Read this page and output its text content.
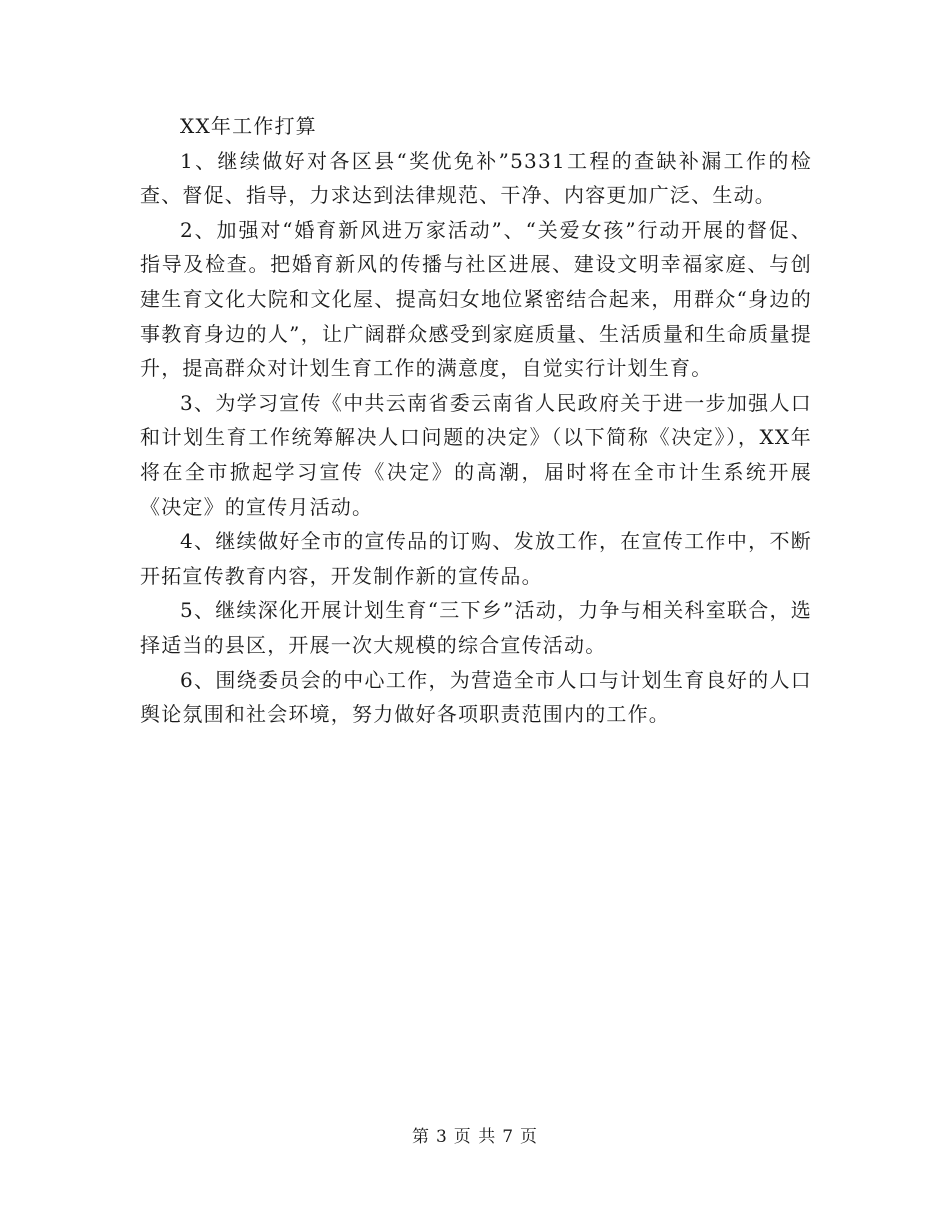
XX年工作打算

1、继续做好对各区县“奖优免补”5331工程的查缺补漏工作的检查、督促、指导，力求达到法律规范、干净、内容更加广泛、生动。

2、加强对“婚育新风进万家活动”、“关爱女孩”行动开展的督促、指导及检查。把婚育新风的传播与社区进展、建设文明幸福家庭、与创建生育文化大院和文化屋、提高妇女地位紧密结合起来，用群众“身边的事教育身边的人”，让广阔群众感受到家庭质量、生活质量和生命质量提升，提高群众对计划生育工作的满意度，自觉实行计划生育。

3、为学习宣传《中共云南省委云南省人民政府关于进一步加强人口和计划生育工作统筹解决人口问题的决定》（以下简称《决定》），XX年将在全市掀起学习宣传《决定》的高潮，届时将在全市计生系统开展《决定》的宣传月活动。

4、继续做好全市的宣传品的订购、发放工作，在宣传工作中，不断开拓宣传教育内容，开发制作新的宣传品。

5、继续深化开展计划生育“三下乡”活动，力争与相关科室联合，选择适当的县区，开展一次大规模的综合宣传活动。

6、围绕委员会的中心工作，为营造全市人口与计划生育良好的人口舆论氛围和社会环境，努力做好各项职责范围内的工作。

第 3 页 共 7 页
